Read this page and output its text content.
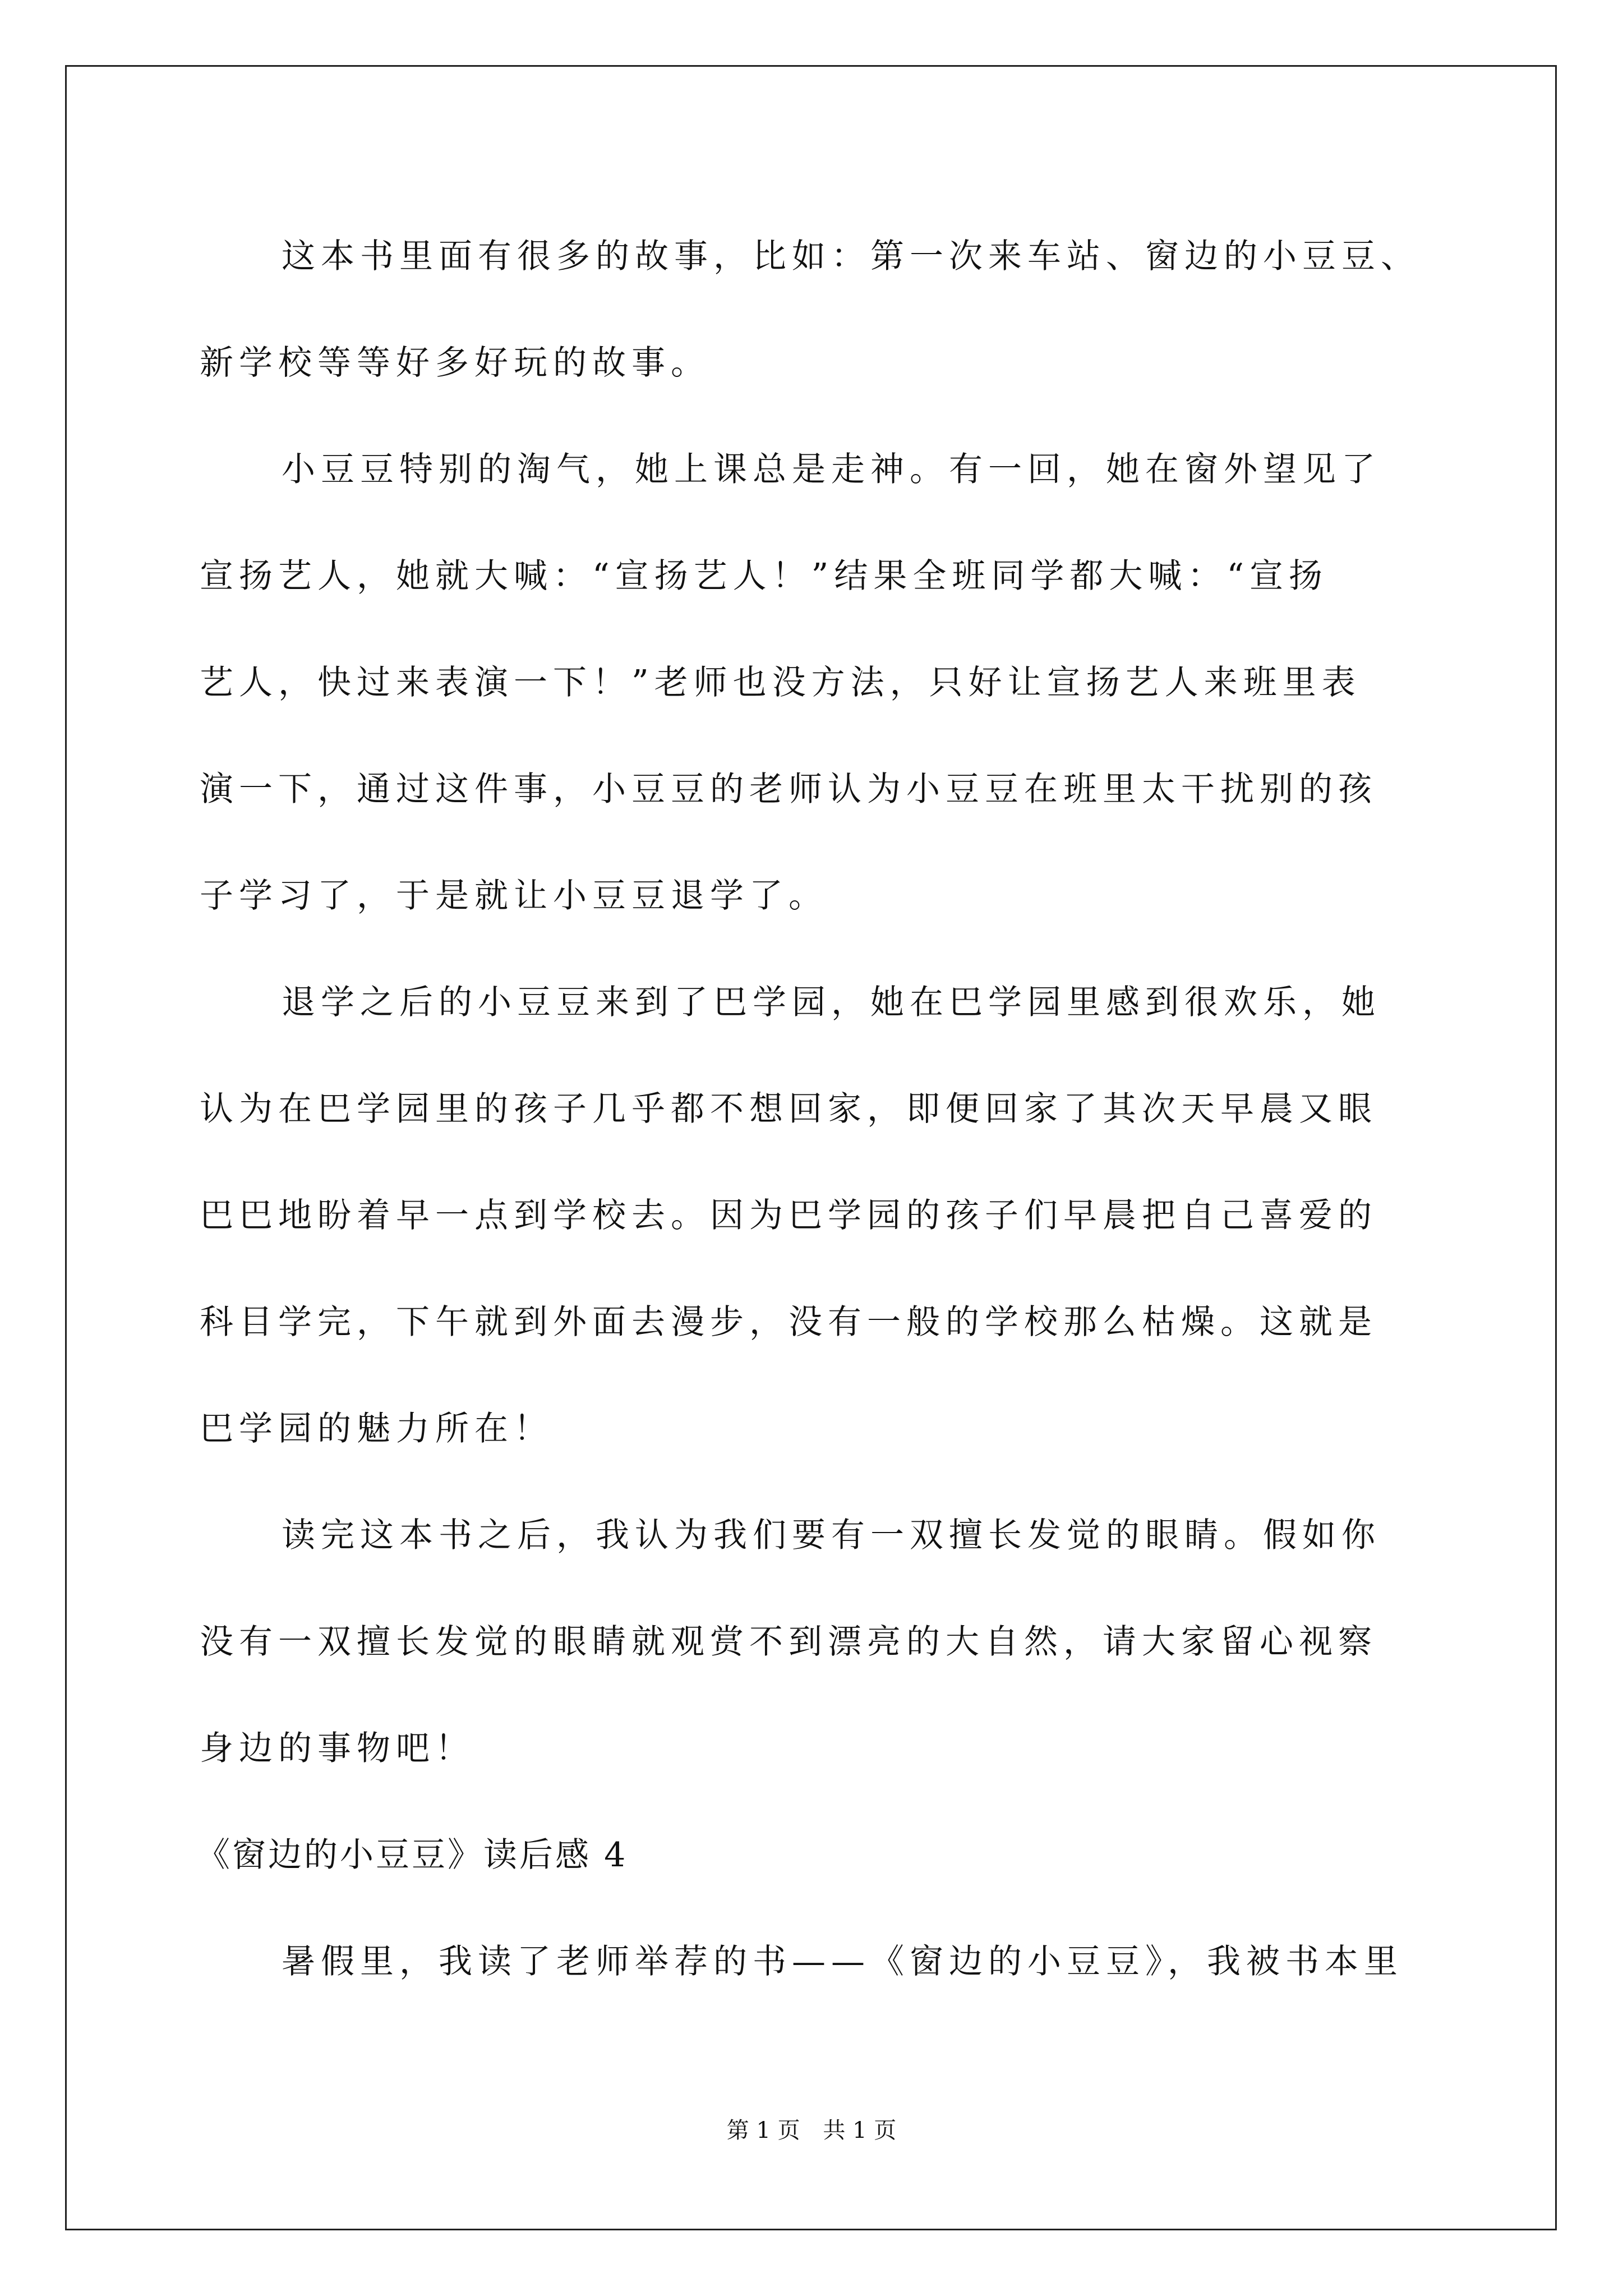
这本书里面有很多的故事，比如：第一次来车站、窗边的小豆豆、
新学校等等好多好玩的故事。
小豆豆特别的淘气，她上课总是走神。有一回，她在窗外望见了
宣扬艺人，她就大喊：“宣扬艺人！”结果全班同学都大喊：“宣扬
艺人，快过来表演一下！”老师也没方法，只好让宣扬艺人来班里表
演一下，通过这件事，小豆豆的老师认为小豆豆在班里太干扰别的孩
子学习了，于是就让小豆豆退学了。
退学之后的小豆豆来到了巴学园，她在巴学园里感到很欢乐，她
认为在巴学园里的孩子几乎都不想回家，即便回家了其次天早晨又眼
巴巴地盼着早一点到学校去。因为巴学园的孩子们早晨把自己喜爱的
科目学完，下午就到外面去漫步，没有一般的学校那么枯燥。这就是
巴学园的魅力所在！
读完这本书之后，我认为我们要有一双擅长发觉的眼睛。假如你
没有一双擅长发觉的眼睛就观赏不到漂亮的大自然，请大家留心视察
身边的事物吧！
《窗边的小豆豆》读后感 4
暑假里，我读了老师举荐的书——《窗边的小豆豆》，我被书本里
第 1 页 共 1 页
